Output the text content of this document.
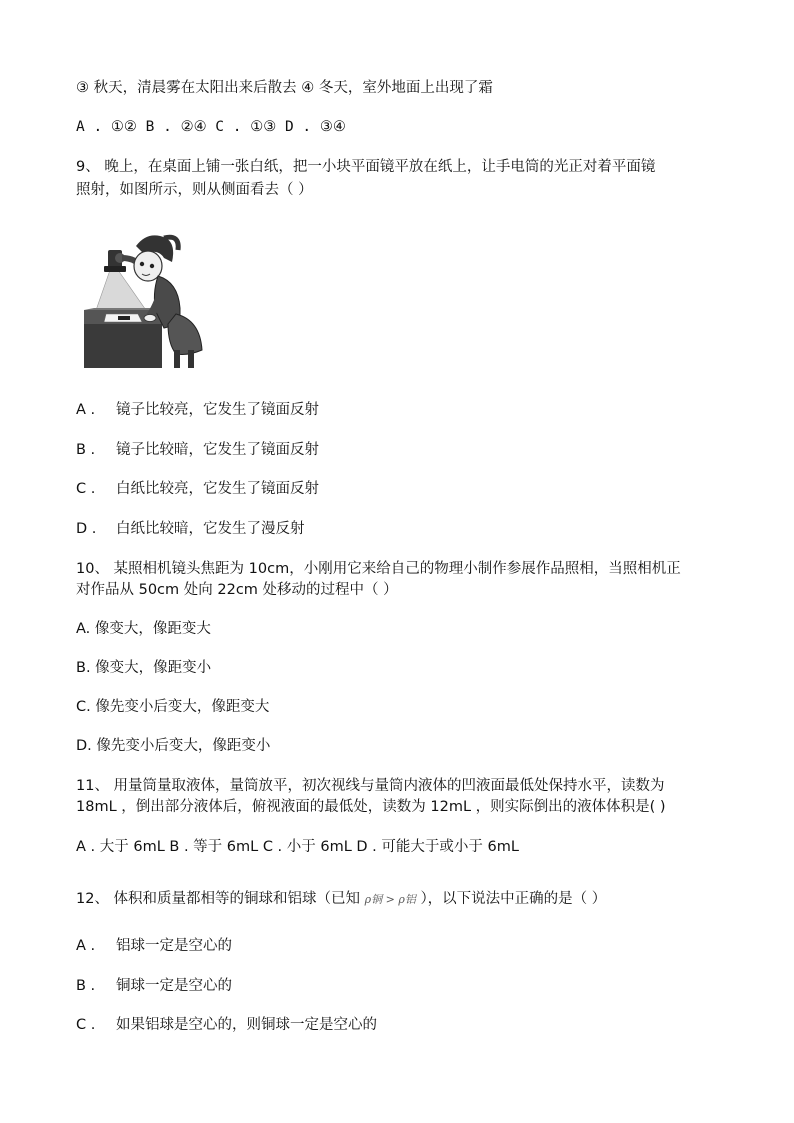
③ 秋天，清晨雾在太阳出来后散去 ④ 冬天，室外地面上出现了霜
A . ①② B . ②④ C . ①③ D . ③④
9、 晚上，在桌面上铺一张白纸，把一小块平面镜平放在纸上，让手电筒的光正对着平面镜
照射，如图所示，则从侧面看去（ ）
A . 镜子比较亮，它发生了镜面反射
B . 镜子比较暗，它发生了镜面反射
C . 白纸比较亮，它发生了镜面反射
D . 白纸比较暗，它发生了漫反射
10、 某照相机镜头焦距为 10cm，小刚用它来给自己的物理小制作参展作品照相，当照相机正
对作品从 50cm 处向 22cm 处移动的过程中（ ）
A. 像变大，像距变大
B. 像变大，像距变小
C. 像先变小后变大，像距变大
D. 像先变小后变大，像距变小
11、 用量筒量取液体，量筒放平，初次视线与量筒内液体的凹液面最低处保持水平，读数为
18mL ，倒出部分液体后，俯视液面的最低处，读数为 12mL ，则实际倒出的液体体积是( )
A . 大于 6mL B . 等于 6mL C . 小于 6mL D . 可能大于或小于 6mL
12、 体积和质量都相等的铜球和铝球（已知 ρ铜 > ρ铝 ），以下说法中正确的是（ ）
A . 铝球一定是空心的
B . 铜球一定是空心的
C . 如果铝球是空心的，则铜球一定是空心的
